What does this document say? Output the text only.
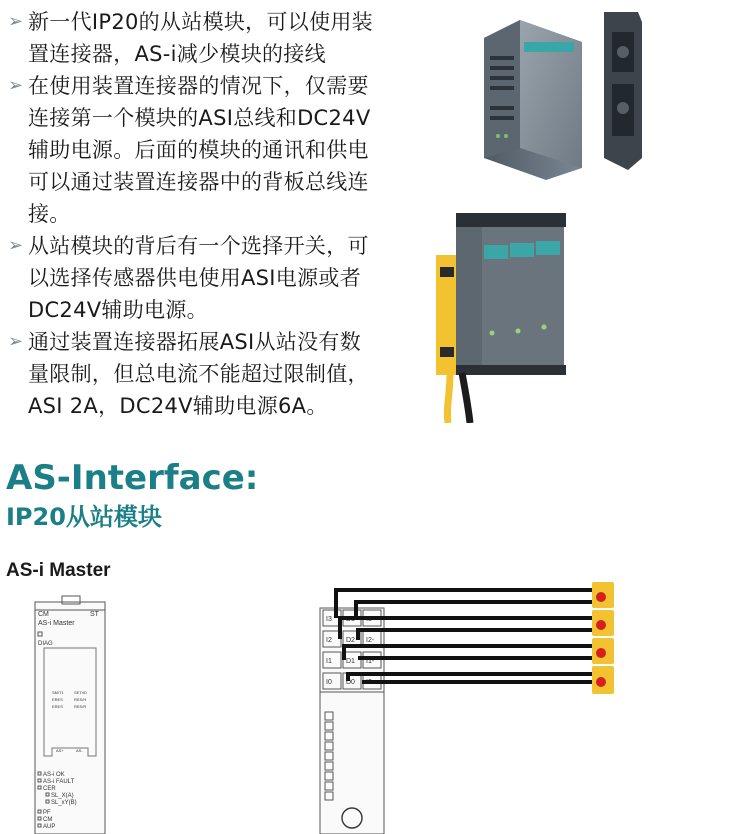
➢ 新一代IP20的从站模块，可以使用装
置连接器，AS-i减少模块的接线
➢ 在使用装置连接器的情况下，仅需要
连接第一个模块的ASI总线和DC24V
辅助电源。后面的模块的通讯和供电
可以通过装置连接器中的背板总线连
接。
➢ 从站模块的背后有一个选择开关，可
以选择传感器供电使用ASI电源或者
DC24V辅助电源。
➢ 通过装置连接器拓展ASI从站没有数
量限制，但总电流不能超过限制值，
ASI 2A，DC24V辅助电源6A。
AS-Interface:
IP20从站模块
AS-i Master
CM	ST
AS-i Master
DIAG
SM/T1
ERES
ERES
SET/ID
RES/H
RES/R
AS+	AS-
AS-i OK
AS-i FAULT
CER
SL_X(A)
SL_xY(B)
PF
CM
AUP
I3
I2
I1
I0
D3
D2
D1
D0
I3-
I2-
I1-
I0-
